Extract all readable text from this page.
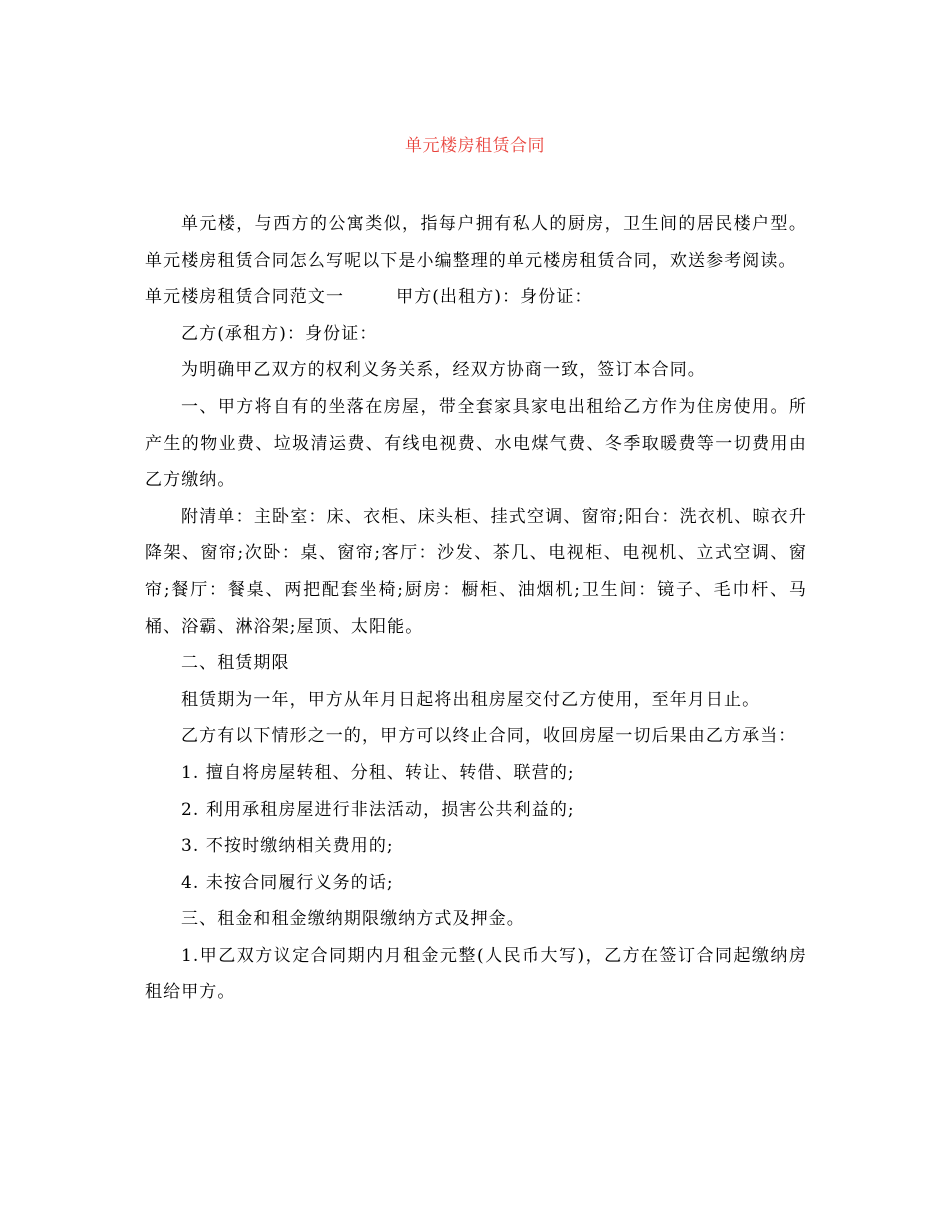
单元楼房租赁合同

单元楼，与西方的公寓类似，指每户拥有私人的厨房，卫生间的居民楼户型。单元楼房租赁合同怎么写呢以下是小编整理的单元楼房租赁合同，欢送参考阅读。

单元楼房租赁合同范文一	甲方(出租方)：身份证：

乙方(承租方)：身份证：

为明确甲乙双方的权利义务关系，经双方协商一致，签订本合同。

一、甲方将自有的坐落在房屋，带全套家具家电出租给乙方作为住房使用。所产生的物业费、垃圾清运费、有线电视费、水电煤气费、冬季取暖费等一切费用由乙方缴纳。

附清单：主卧室：床、衣柜、床头柜、挂式空调、窗帘;阳台：洗衣机、晾衣升降架、窗帘;次卧：桌、窗帘;客厅：沙发、茶几、电视柜、电视机、立式空调、窗帘;餐厅：餐桌、两把配套坐椅;厨房：橱柜、油烟机;卫生间：镜子、毛巾杆、马桶、浴霸、淋浴架;屋顶、太阳能。

二、租赁期限

租赁期为一年，甲方从年月日起将出租房屋交付乙方使用，至年月日止。

乙方有以下情形之一的，甲方可以终止合同，收回房屋一切后果由乙方承当：

1. 擅自将房屋转租、分租、转让、转借、联营的;

2. 利用承租房屋进行非法活动，损害公共利益的;

3. 不按时缴纳相关费用的;

4. 未按合同履行义务的话;

三、租金和租金缴纳期限缴纳方式及押金。

1.甲乙双方议定合同期内月租金元整(人民币大写)，乙方在签订合同起缴纳房租给甲方。
